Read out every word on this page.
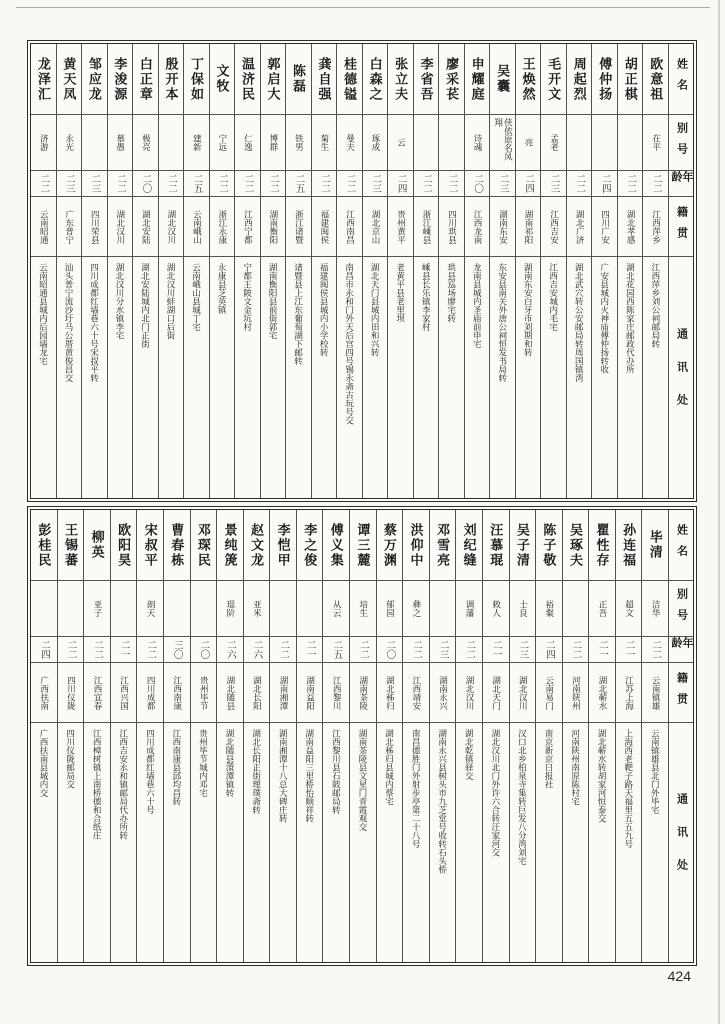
姓名
别号
年龄
籍贯
通讯处
欧意祖
在平
二二
江西萍乡
江西萍乡刘公祠邮局转
胡正棋
二二
湖北孝感
湖北花园西陈家庄邮政代办所
傅仲扬
二四
四川广安
广安县城内火神庙傅仲扬转收
周起烈
二二
湖北广济
湖北武穴转公安邮局转周国镇湾
毛开文
孟老
二三
江西吉安
江西吉安城内毛宅
王焕然
亮
二四
湖南祁阳
湖南东安白牙市刘期和转
吴囊
侠依原名凤翔
二三
湖南东安
东安县南关外唐公祠恒发书局转
申耀庭
诗魂
二〇
江西龙南
龙南县城内圣庙前申宅
廖采苌
二二
四川珙县
珙县巡场廖宅转
李省吾
二二
浙江嵊县
嵊县长乐镇李家村
张立夫
云
二四
贵州黄平
老黄平县老里坝
白森之
琢成
二三
湖北京山
湖北天门县城内田和兴转
桂德镒
曼夫
二二
江西南昌
南昌市永和门外天后宫四号锡永斋古玩号交
龚自强
菊生
二二
福建闽侯
福建闽侯县城内小学校转
陈磊
铁男
二五
浙江诸暨
诸暨县上江东葡萄湖下邮转
郭启大
博群
二二
湖南衡阳
湖南衡阳县前街郭宅
温济民
仁逸
二二
江西宁都
宁都王陂文金坑村
文牧
宁远
二二
浙江永康
永康县芝英镇
丁保如
建新
二五
云南峨山
云南峨山县城丁宅
殷开本
二二
湖北汉川
湖北汉川蚌湖口后街
白正章
极亮
二〇
湖北安陆
湖北安陆城内北门正街
李浚源
慕愚
二二
湖北汉川
湖北汉川分水镇李宅
邹应龙
二三
四川荣县
四川成都红墙巷六十号宋叔平转
黄天凤
永光
二三
广东普宁
汕头普宁流沙圩马公厝黄俊昌交
龙泽汇
济游
二二
云南昭通
云南昭通县城内后园墙龙宅
姓名
别号
年龄
籍贯
通讯处
毕清
洁华
二二
云南镇雄
云南镇雄县北门外毕宅
孙连福
超文
二一
江苏上海
上海西老靶子路天福里五五九号
瞿性存
正吾
二一
湖北蕲水
湖北蕲水转胡家河恒泰交
吴琢夫
二二
河南陕州
河南陕州南原陈村宅
陈子敬
裕粲
二四
云南易门
南京新京日报社
吴子清
士良
二三
湖北汉川
汉口北乡柏泉寺集转巨发八分湾刘宅
汪慕琨
敕人
二一
湖北天门
湖北汉川北门外许六合转汪家河交
刘纪缝
调藩
二二
湖北汉川
湖北乾镇驿交
邓雪亮
二三
湖南永兴
湖南永兴县树头市九芝堂号收转石头桥
洪仰中
彝之
二二
江西靖安
南昌德胜门外射步亭第二十八号
蔡万渊
郁园
二〇
湖北秭归
湖北秭归县城内蔡宅
谭三麓
培生
二二
湖南茶陵
湖南茶陵县文星门青霞观交
傅义集
从云
二五
江西黎川
江西黎川县石陂邮局转
李之俊
二一
湖南益阳
湖南益阳三里桥怡顺祥转
李恺甲
二二
湖南湘潭
湖南湘潭十八总大碑庄转
赵文龙
亚米
二六
湖北长阳
湖北长阳正街理璞斋转
景纯箎
瑶阶
二六
湖北随县
湖北随县澴潭镇转
邓琛民
二〇
贵州毕节
贵州毕节城内邓宅
曹春栋
三〇
江西南康
江西南康县邱均昌转
宋叔平
朗天
二二
四川成都
四川成都红墙巷六十号
欧阳昊
二一
江西兴国
江西吉安永和镇邮局代办所转
柳英
亚子
二二
江西宜春
江西樟树镇上南桥德和合纸庄
王锡蕃
二二
四川仪陇
四川仪陇邮局交
彭桂民
二四
广西扶南
广西扶南县城内交
424
